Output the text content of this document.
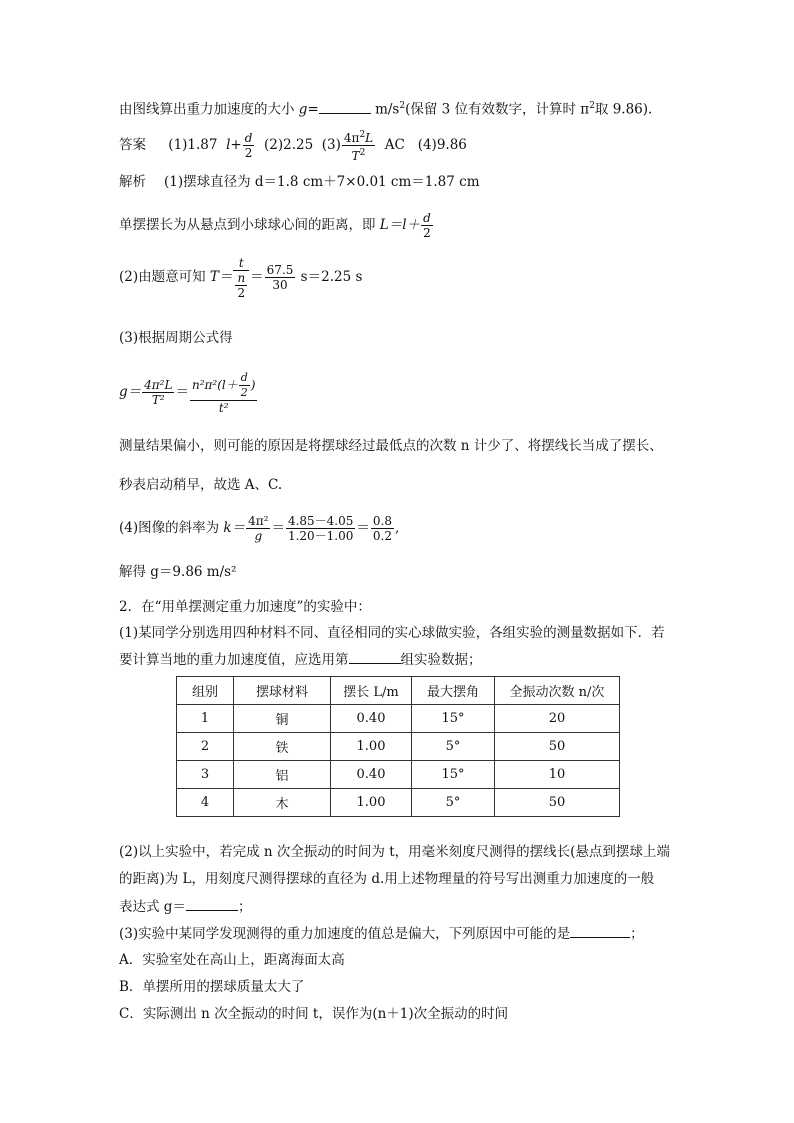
由图线算出重力加速度的大小 g=	$m/s^2$(保留 3 位有效数字，计算时 $\pi^2$取 9.86).
答案 (1)1.87 $l+ \frac{d}{2} (2)2.25$ $(3) \frac{4\pi^2L}{T^2}$ AC (4)9.86
解析 (1)摆球直径为 d＝1.8 cm＋7×0.01 cm＝1.87 cm
单摆摆长为从悬点到小球球心间的距离，即 $L=l+ \frac{d}{2}$
(2)由题意可知 $T= \frac{t}{\frac{n}{2}} = \frac{67.5}{30} s=2.25$ s
(3)根据周期公式得
$g= \frac{\text{4π²L}}{\text{T²}} = \frac{n^2\pi^2(l+ \frac{d}{2} )}{\text{t²}}$
测量结果偏小，则可能的原因是将摆球经过最低点的次数 n 计少了、将摆线长当成了摆长、
秒表启动稍早，故选 A、C.
(4)图像的斜率为 $k= \frac{\text{4π²}}{g} = \frac{4.85-4.05}{1.20-1.00} = \frac{0.8}{0.2}$ ,
解得 g＝9.86 m/s²
2．在“用单摆测定重力加速度”的实验中：
(1)某同学分别选用四种材料不同、直径相同的实心球做实验，各组实验的测量数据如下．若
要计算当地的重力加速度值，应选用第	组实验数据；
组别	摆球材料	摆长 L/m	最大摆角	全振动次数 n/次
1	铜	0.40	15°	20
2	铁	1.00	5°	50
3	铝	0.40	15°	10
4	木	1.00	5°	50
(2)以上实验中，若完成 n 次全振动的时间为 t，用毫米刻度尺测得的摆线长(悬点到摆球上端
的距离)为 L，用刻度尺测得摆球的直径为 d.用上述物理量的符号写出测重力加速度的一般
表达式 g＝	；
(3)实验中某同学发现测得的重力加速度的值总是偏大，下列原因中可能的是	；
A．实验室处在高山上，距离海面太高
B．单摆所用的摆球质量太大了
C．实际测出 n 次全振动的时间 t，误作为(n＋1)次全振动的时间
